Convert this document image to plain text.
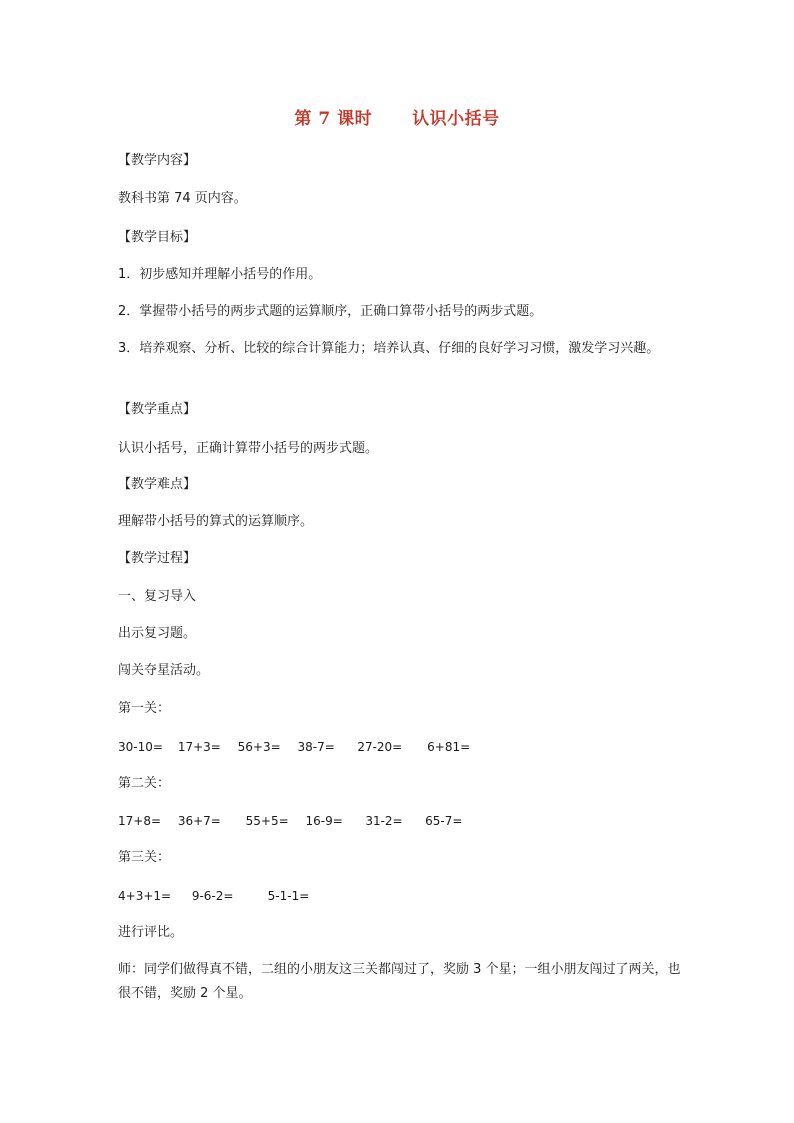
第 7 课时 认识小括号
【教学内容】
教科书第 74 页内容。
【教学目标】
1．初步感知并理解小括号的作用。
2．掌握带小括号的两步式题的运算顺序，正确口算带小括号的两步式题。
3．培养观察、分析、比较的综合计算能力；培养认真、仔细的良好学习习惯，激发学习兴趣。
【教学重点】
认识小括号，正确计算带小括号的两步式题。
【教学难点】
理解带小括号的算式的运算顺序。
【教学过程】
一、复习导入
出示复习题。
闯关夺星活动。
第一关：
30-10= 17+3= 56+3= 38-7= 27-20= 6+81=
第二关：
17+8= 36+7= 55+5= 16-9= 31-2= 65-7=
第三关：
4+3+1= 9-6-2=	5-1-1=
进行评比。
师：同学们做得真不错，二组的小朋友这三关都闯过了，奖励 3 个星；一组小朋友闯过了两关，也很不错，奖励 2 个星。
